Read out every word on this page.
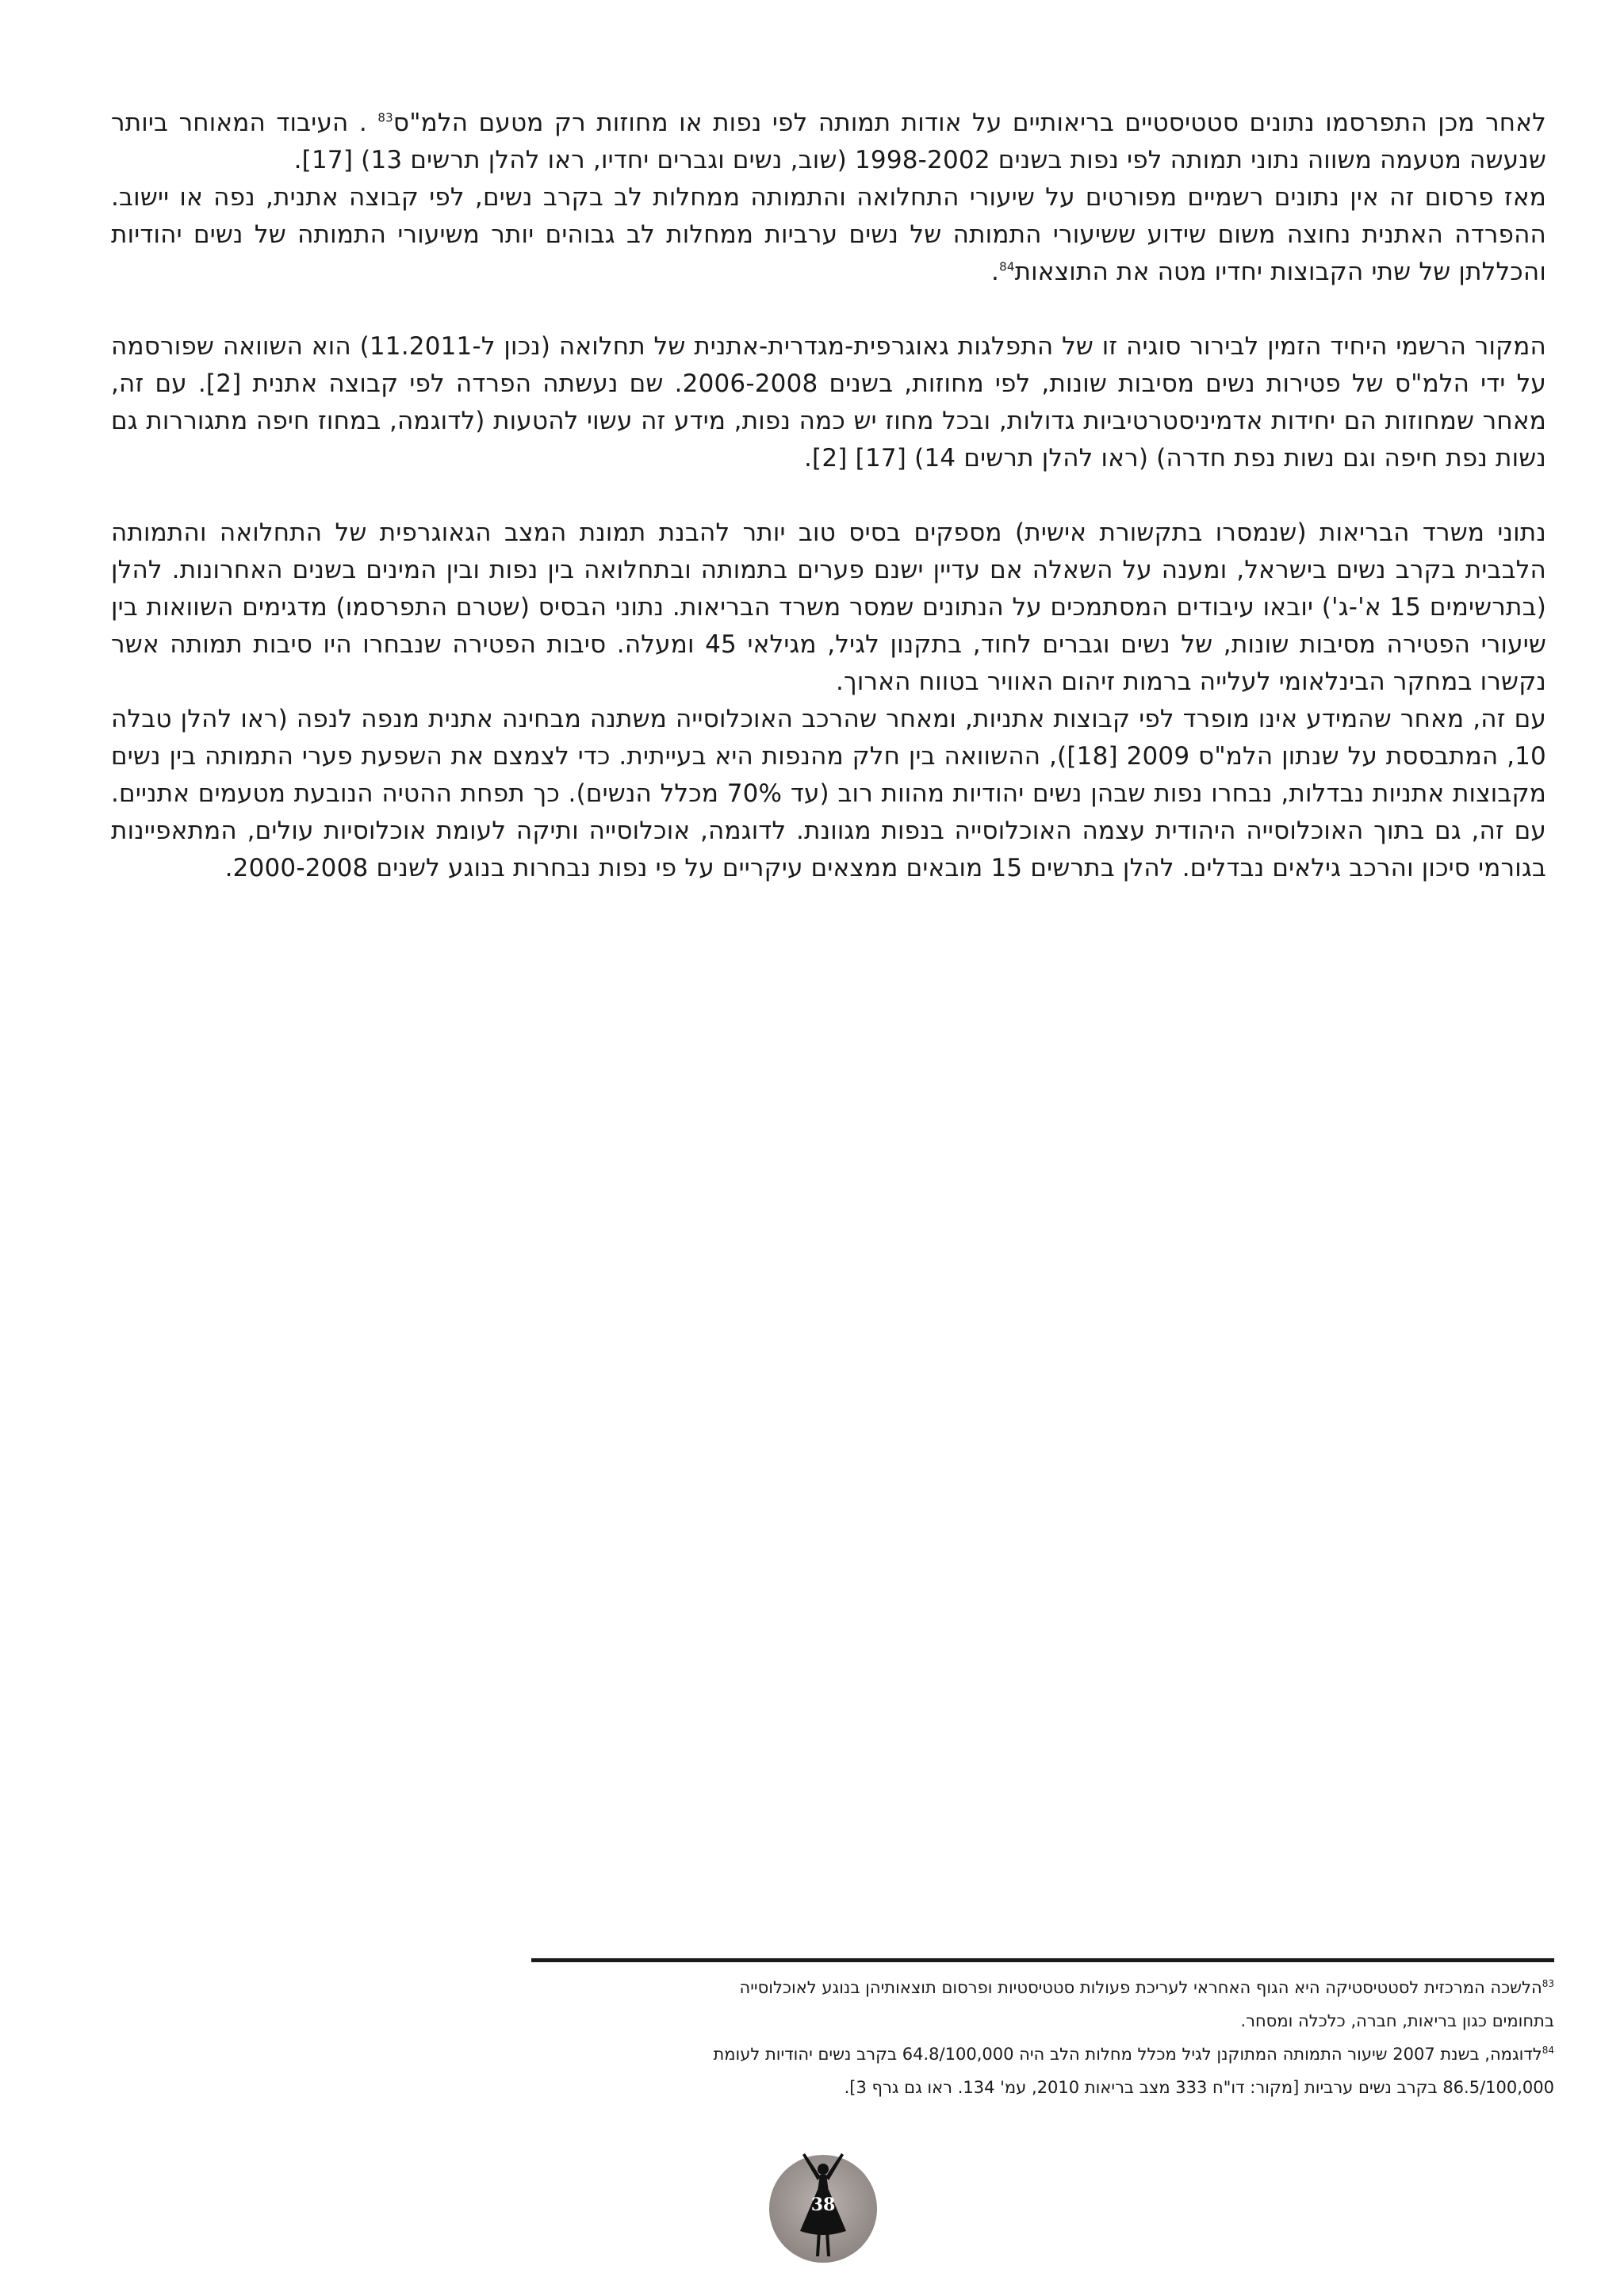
לאחר מכן התפרסמו נתונים סטטיסטיים בריאותיים על אודות תמותה לפי נפות או מחוזות רק מטעם הלמ"ס$^{83}$ . העיבוד המאוחר ביותר שנעשה מטעמה משווה נתוני תמותה לפי נפות בשנים 1998-2002 (שוב, נשים וגברים יחדיו, ראו להלן תרשים 13) [17].

מאז פרסום זה אין נתונים רשמיים מפורטים על שיעורי התחלואה והתמותה ממחלות לב בקרב נשים, לפי קבוצה אתנית, נפה או יישוב. ההפרדה האתנית נחוצה משום שידוע ששיעורי התמותה של נשים ערביות ממחלות לב גבוהים יותר משיעורי התמותה של נשים יהודיות והכללתן של שתי הקבוצות יחדיו מטה את התוצאות$^{84}$.

המקור הרשמי היחיד הזמין לבירור סוגיה זו של התפלגות גאוגרפית-מגדרית-אתנית של תחלואה (נכון ל-11.2011) הוא השוואה שפורסמה על ידי הלמ"ס של פטירות נשים מסיבות שונות, לפי מחוזות, בשנים 2006-2008. שם נעשתה הפרדה לפי קבוצה אתנית [2]. עם זה, מאחר שמחוזות הם יחידות אדמיניסטרטיביות גדולות, ובכל מחוז יש כמה נפות, מידע זה עשוי להטעות (לדוגמה, במחוז חיפה מתגוררות גם נשות נפת חיפה וגם נשות נפת חדרה) (ראו להלן תרשים 14) [17] [2].

נתוני משרד הבריאות (שנמסרו בתקשורת אישית) מספקים בסיס טוב יותר להבנת תמונת המצב הגאוגרפית של התחלואה והתמותה הלבבית בקרב נשים בישראל, ומענה על השאלה אם עדיין ישנם פערים בתמותה ובתחלואה בין נפות ובין המינים בשנים האחרונות. להלן (בתרשימים 15 א'-ג') יובאו עיבודים המסתמכים על הנתונים שמסר משרד הבריאות. נתוני הבסיס (שטרם התפרסמו) מדגימים השוואות בין שיעורי הפטירה מסיבות שונות, של נשים וגברים לחוד, בתקנון לגיל, מגילאי 45 ומעלה. סיבות הפטירה שנבחרו היו סיבות תמותה אשר נקשרו במחקר הבינלאומי לעלייה ברמות זיהום האוויר בטווח הארוך.

עם זה, מאחר שהמידע אינו מופרד לפי קבוצות אתניות, ומאחר שהרכב האוכלוסייה משתנה מבחינה אתנית מנפה לנפה (ראו להלן טבלה 10, המתבססת על שנתון הלמ"ס 2009 [18]), ההשוואה בין חלק מהנפות היא בעייתית. כדי לצמצם את השפעת פערי התמותה בין נשים מקבוצות אתניות נבדלות, נבחרו נפות שבהן נשים יהודיות מהוות רוב (עד 70% מכלל הנשים). כך תפחת ההטיה הנובעת מטעמים אתניים. עם זה, גם בתוך האוכלוסייה היהודית עצמה האוכלוסייה בנפות מגוונת. לדוגמה, אוכלוסייה ותיקה לעומת אוכלוסיות עולים, המתאפיינות בגורמי סיכון והרכב גילאים נבדלים. להלן בתרשים 15 מובאים ממצאים עיקריים על פי נפות נבחרות בנוגע לשנים 2000-2008.

$^{83}$הלשכה המרכזית לסטטיסטיקה היא הגוף האחראי לעריכת פעולות סטטיסטיות ופרסום תוצאותיהן בנוגע לאוכלוסייה

בתחומים כגון בריאות, חברה, כלכלה ומסחר.

$^{84}$לדוגמה, בשנת 2007 שיעור התמותה המתוקנן לגיל מכלל מחלות הלב היה 64.8/100,000 בקרב נשים יהודיות לעומת

86.5/100,000 בקרב נשים ערביות [מקור: דו"ח 333 מצב בריאות 2010, עמ' 134. ראו גם גרף 3].

38
